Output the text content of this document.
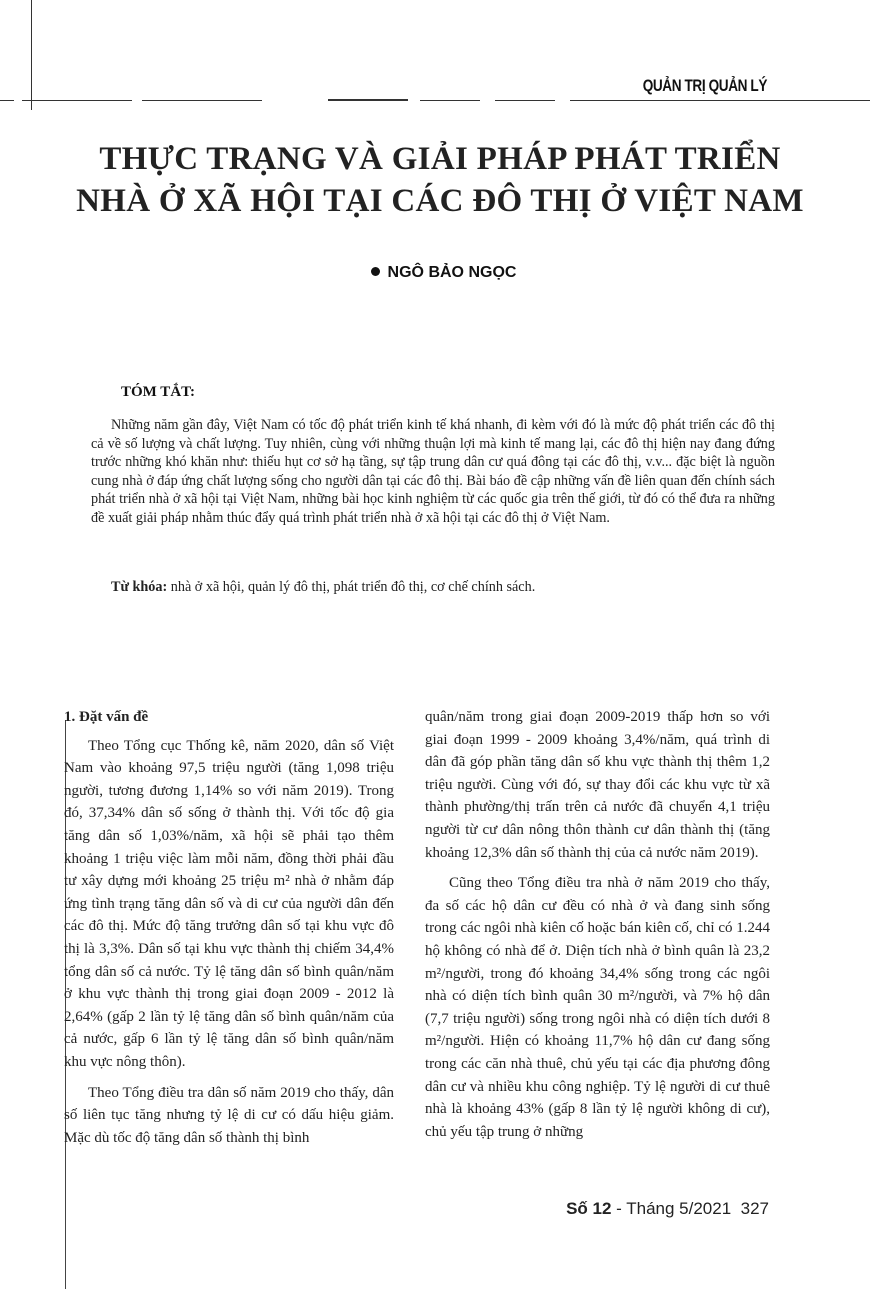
QUẢN TRỊ QUẢN LÝ
THỰC TRẠNG VÀ GIẢI PHÁP PHÁT TRIỂN
NHÀ Ở XÃ HỘI TẠI CÁC ĐÔ THỊ Ở VIỆT NAM
NGÔ BẢO NGỌC
TÓM TẮT:

Những năm gần đây, Việt Nam có tốc độ phát triển kinh tế khá nhanh, đi kèm với đó là mức độ phát triển các đô thị cả về số lượng và chất lượng. Tuy nhiên, cùng với những thuận lợi mà kinh tế mang lại, các đô thị hiện nay đang đứng trước những khó khăn như: thiếu hụt cơ sở hạ tầng, sự tập trung dân cư quá đông tại các đô thị, v.v... đặc biệt là nguồn cung nhà ở đáp ứng chất lượng sống cho người dân tại các đô thị. Bài báo đề cập những vấn đề liên quan đến chính sách phát triển nhà ở xã hội tại Việt Nam, những bài học kinh nghiệm từ các quốc gia trên thế giới, từ đó có thể đưa ra những đề xuất giải pháp nhằm thúc đẩy quá trình phát triển nhà ở xã hội tại các đô thị ở Việt Nam.

Từ khóa: nhà ở xã hội, quản lý đô thị, phát triển đô thị, cơ chế chính sách.
1. Đặt vấn đề

Theo Tổng cục Thống kê, năm 2020, dân số Việt Nam vào khoảng 97,5 triệu người (tăng 1,098 triệu người, tương đương 1,14% so với năm 2019). Trong đó, 37,34% dân số sống ở thành thị. Với tốc độ gia tăng dân số 1,03%/năm, xã hội sẽ phải tạo thêm khoảng 1 triệu việc làm mỗi năm, đồng thời phải đầu tư xây dựng mới khoảng 25 triệu m² nhà ở nhằm đáp ứng tình trạng tăng dân số và di cư của người dân đến các đô thị. Mức độ tăng trưởng dân số tại khu vực đô thị là 3,3%. Dân số tại khu vực thành thị chiếm 34,4% tổng dân số cả nước. Tỷ lệ tăng dân số bình quân/năm ở khu vực thành thị trong giai đoạn 2009 - 2012 là 2,64% (gấp 2 lần tỷ lệ tăng dân số bình quân/năm của cả nước, gấp 6 lần tỷ lệ tăng dân số bình quân/năm khu vực nông thôn).

Theo Tổng điều tra dân số năm 2019 cho thấy, dân số liên tục tăng nhưng tỷ lệ di cư có dấu hiệu giảm. Mặc dù tốc độ tăng dân số thành thị bình

quân/năm trong giai đoạn 2009-2019 thấp hơn so với giai đoạn 1999 - 2009 khoảng 3,4%/năm, quá trình di dân đã góp phần tăng dân số khu vực thành thị thêm 1,2 triệu người. Cùng với đó, sự thay đổi các khu vực từ xã thành phường/thị trấn trên cả nước đã chuyển 4,1 triệu người từ cư dân nông thôn thành cư dân thành thị (tăng khoảng 12,3% dân số thành thị của cả nước năm 2019).

Cũng theo Tổng điều tra nhà ở năm 2019 cho thấy, đa số các hộ dân cư đều có nhà ở và đang sinh sống trong các ngôi nhà kiên cố hoặc bán kiên cố, chỉ có 1.244 hộ không có nhà để ở. Diện tích nhà ở bình quân là 23,2 m²/người, trong đó khoảng 34,4% sống trong các ngôi nhà có diện tích bình quân 30 m²/người, và 7% hộ dân (7,7 triệu người) sống trong ngôi nhà có diện tích dưới 8 m²/người. Hiện có khoảng 11,7% hộ dân cư đang sống trong các căn nhà thuê, chủ yếu tại các địa phương đông dân cư và nhiều khu công nghiệp. Tỷ lệ người di cư thuê nhà là khoảng 43% (gấp 8 lần tỷ lệ người không di cư), chủ yếu tập trung ở những

Số 12 - Tháng 5/2021 327
